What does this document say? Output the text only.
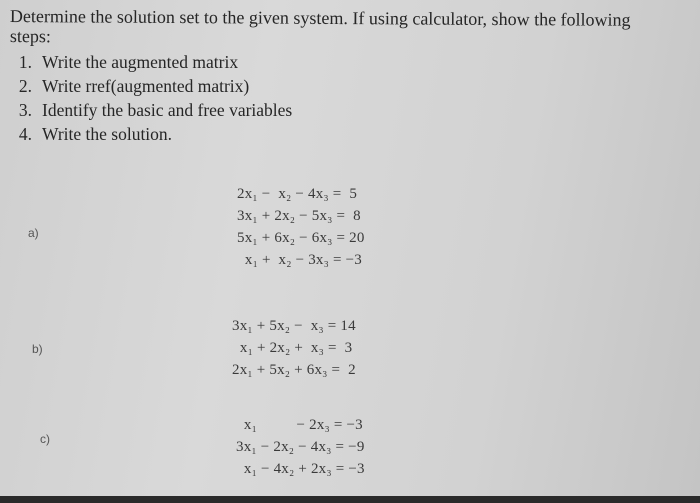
Determine the solution set to the given system. If using calculator, show the following

steps:

1. Write the augmented matrix
2. Write rref(augmented matrix)
3. Identify the basic and free variables
4. Write the solution.
a)
2x₁ −  x₂ − 4x₃ =  5
3x₁ + 2x₂ − 5x₃ =  8
5x₁ + 6x₂ − 6x₃ = 20
x₁ +  x₂ − 3x₃ = −3
b)
3x₁ + 5x₂ −  x₃ = 14
x₁ + 2x₂ +  x₃ =  3
2x₁ + 5x₂ + 6x₃ =  2
c)
x₁          − 2x₃ = −3
3x₁ − 2x₂ − 4x₃ = −9
x₁ − 4x₂ + 2x₃ = −3
